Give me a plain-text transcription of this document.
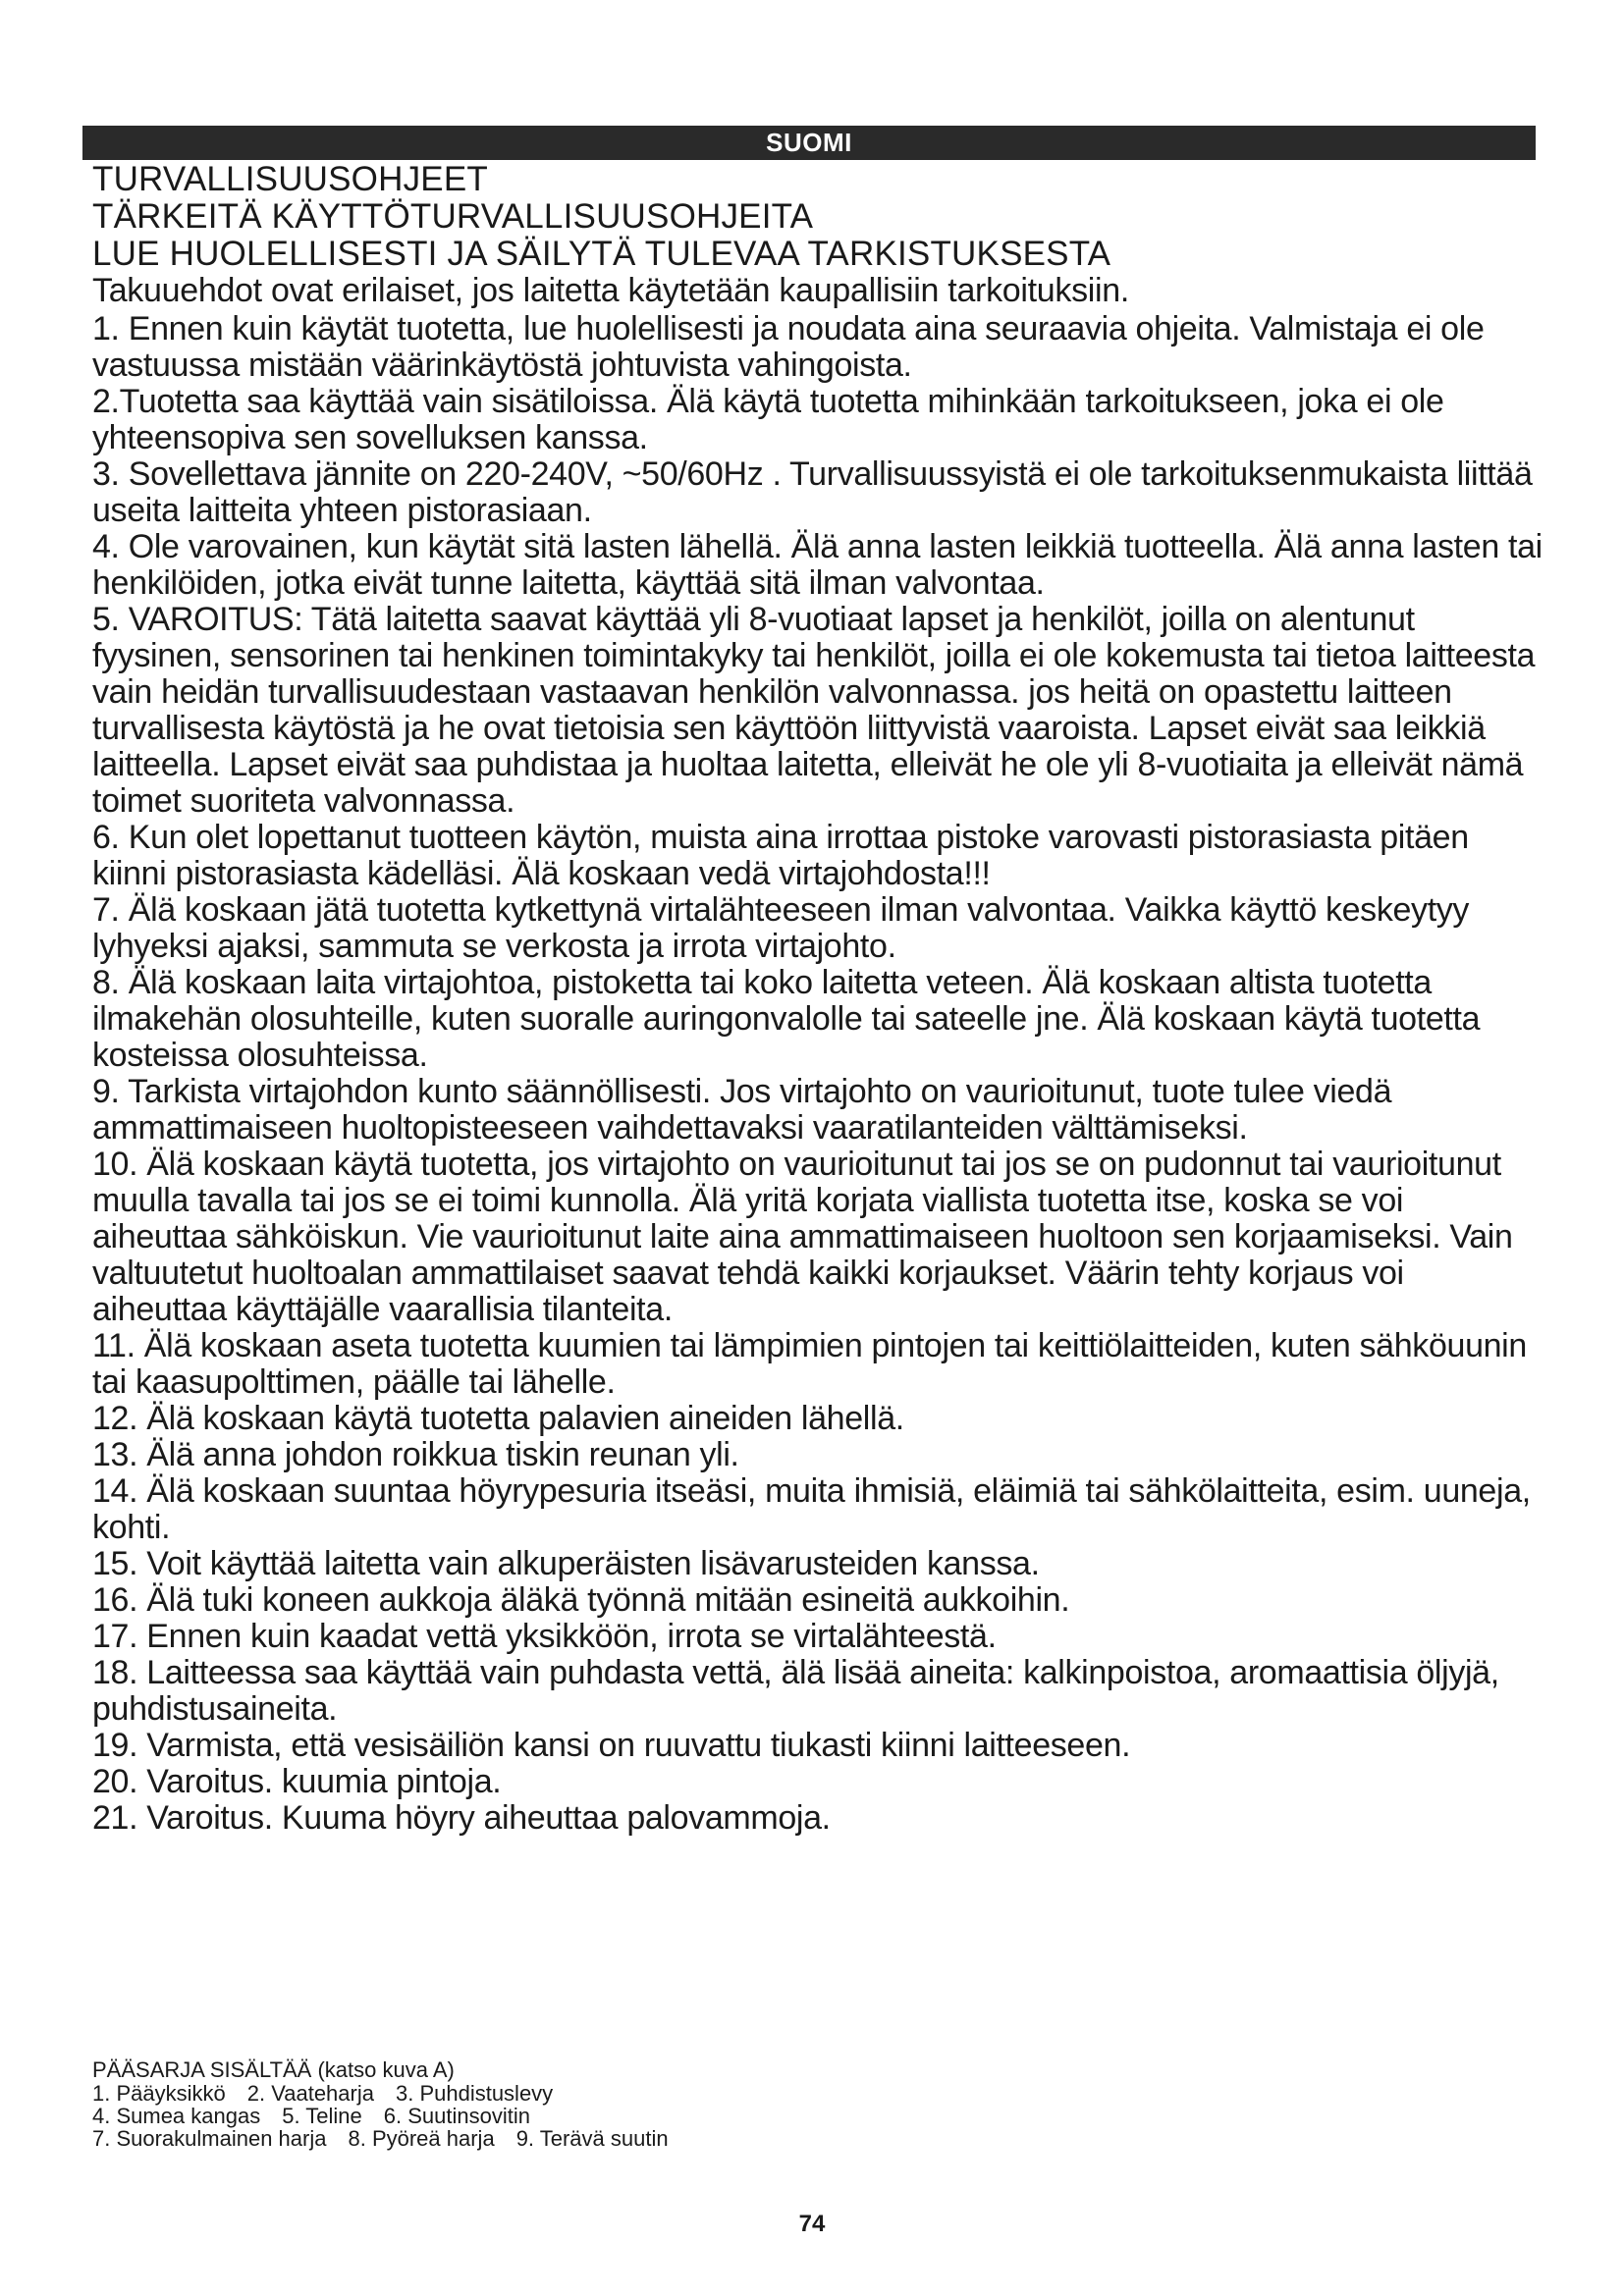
SUOMI

TURVALLISUUSOHJEET

TÄRKEITÄ KÄYTTÖTURVALLISUUSOHJEITA

LUE HUOLELLISESTI JA SÄILYTÄ TULEVAA TARKISTUKSESTA

Takuuehdot ovat erilaiset, jos laitetta käytetään kaupallisiin tarkoituksiin.

1. Ennen kuin käytät tuotetta, lue huolellisesti ja noudata aina seuraavia ohjeita. Valmistaja ei ole vastuussa mistään väärinkäytöstä johtuvista vahingoista.

2.Tuotetta saa käyttää vain sisätiloissa. Älä käytä tuotetta mihinkään tarkoitukseen, joka ei ole yhteensopiva sen sovelluksen kanssa.

3. Sovellettava jännite on 220-240V, ~50/60Hz . Turvallisuussyistä ei ole tarkoituksenmukaista liittää useita laitteita yhteen pistorasiaan.

4. Ole varovainen, kun käytät sitä lasten lähellä. Älä anna lasten leikkiä tuotteella. Älä anna lasten tai henkilöiden, jotka eivät tunne laitetta, käyttää sitä ilman valvontaa.

5. VAROITUS: Tätä laitetta saavat käyttää yli 8-vuotiaat lapset ja henkilöt, joilla on alentunut fyysinen, sensorinen tai henkinen toimintakyky tai henkilöt, joilla ei ole kokemusta tai tietoa laitteesta vain heidän turvallisuudestaan vastaavan henkilön valvonnassa. jos heitä on opastettu laitteen turvallisesta käytöstä ja he ovat tietoisia sen käyttöön liittyvistä vaaroista. Lapset eivät saa leikkiä laitteella. Lapset eivät saa puhdistaa ja huoltaa laitetta, elleivät he ole yli 8-vuotiaita ja elleivät nämä toimet suoriteta valvonnassa.

6. Kun olet lopettanut tuotteen käytön, muista aina irrottaa pistoke varovasti pistorasiasta pitäen kiinni pistorasiasta kädelläsi. Älä koskaan vedä virtajohdosta!!!

7. Älä koskaan jätä tuotetta kytkettynä virtalähteeseen ilman valvontaa. Vaikka käyttö keskeytyy lyhyeksi ajaksi, sammuta se verkosta ja irrota virtajohto.

8. Älä koskaan laita virtajohtoa, pistoketta tai koko laitetta veteen. Älä koskaan altista tuotetta ilmakehän olosuhteille, kuten suoralle auringonvalolle tai sateelle jne. Älä koskaan käytä tuotetta kosteissa olosuhteissa.

9. Tarkista virtajohdon kunto säännöllisesti. Jos virtajohto on vaurioitunut, tuote tulee viedä ammattimaiseen huoltopisteeseen vaihdettavaksi vaaratilanteiden välttämiseksi.

10. Älä koskaan käytä tuotetta, jos virtajohto on vaurioitunut tai jos se on pudonnut tai vaurioitunut muulla tavalla tai jos se ei toimi kunnolla. Älä yritä korjata viallista tuotetta itse, koska se voi aiheuttaa sähköiskun. Vie vaurioitunut laite aina ammattimaiseen huoltoon sen korjaamiseksi. Vain valtuutetut huoltoalan ammattilaiset saavat tehdä kaikki korjaukset. Väärin tehty korjaus voi aiheuttaa käyttäjälle vaarallisia tilanteita.

11. Älä koskaan aseta tuotetta kuumien tai lämpimien pintojen tai keittiölaitteiden, kuten sähköuunin tai kaasupolttimen, päälle tai lähelle.

12. Älä koskaan käytä tuotetta palavien aineiden lähellä.

13. Älä anna johdon roikkua tiskin reunan yli.

14. Älä koskaan suuntaa höyrypesuria itseäsi, muita ihmisiä, eläimiä tai sähkölaitteita, esim. uuneja, kohti.

15. Voit käyttää laitetta vain alkuperäisten lisävarusteiden kanssa.

16. Älä tuki koneen aukkoja äläkä työnnä mitään esineitä aukkoihin.

17. Ennen kuin kaadat vettä yksikköön, irrota se virtalähteestä.

18. Laitteessa saa käyttää vain puhdasta vettä, älä lisää aineita: kalkinpoistoa, aromaattisia öljyjä, puhdistusaineita.

19. Varmista, että vesisäiliön kansi on ruuvattu tiukasti kiinni laitteeseen.

20. Varoitus. kuumia pintoja.

21. Varoitus. Kuuma höyry aiheuttaa palovammoja.

PÄÄSARJA SISÄLTÄÄ (katso kuva A)

1. Pääyksikkö 2. Vaateharja 3. Puhdistuslevy

4. Sumea kangas 5. Teline 6. Suutinsovitin

7. Suorakulmainen harja 8. Pyöreä harja 9. Terävä suutin

74
